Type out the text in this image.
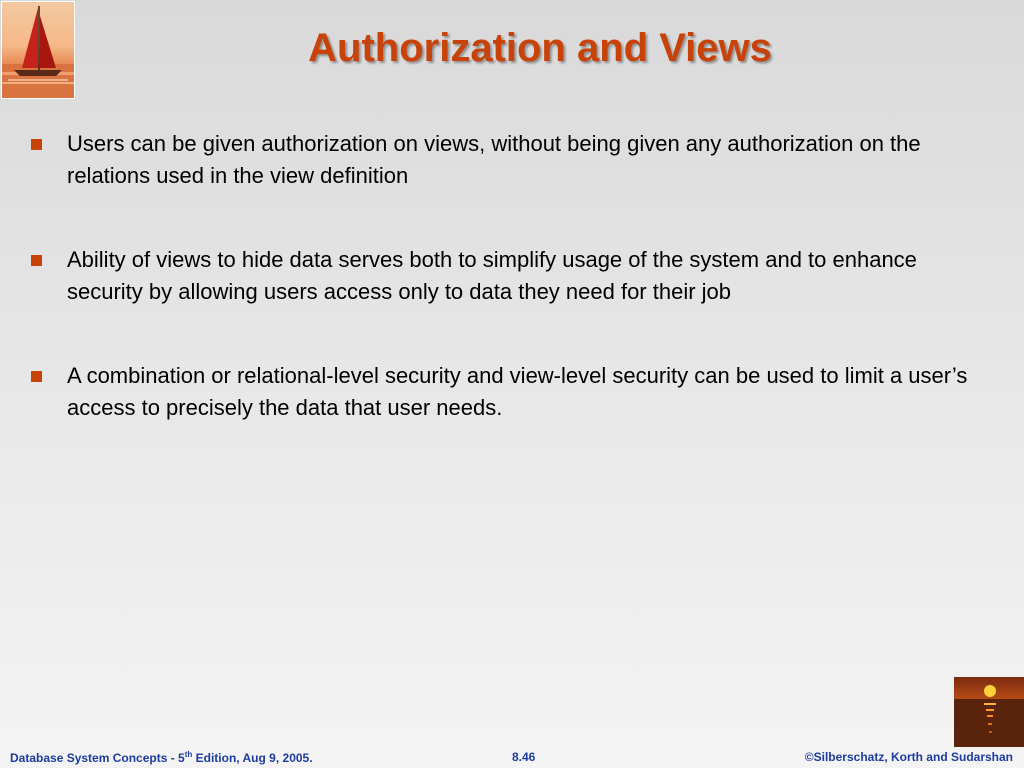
Authorization and Views
Users can be given authorization on views, without being given any authorization on the relations used in the view definition
Ability of views to hide data serves both to simplify usage of the system and to enhance security by allowing users access only to data they need for their job
A combination or relational-level security and view-level security can be used to limit a user’s access to precisely the data that user needs.
Database System Concepts - 5th Edition, Aug 9, 2005.	8.46	©Silberschatz, Korth and Sudarshan
